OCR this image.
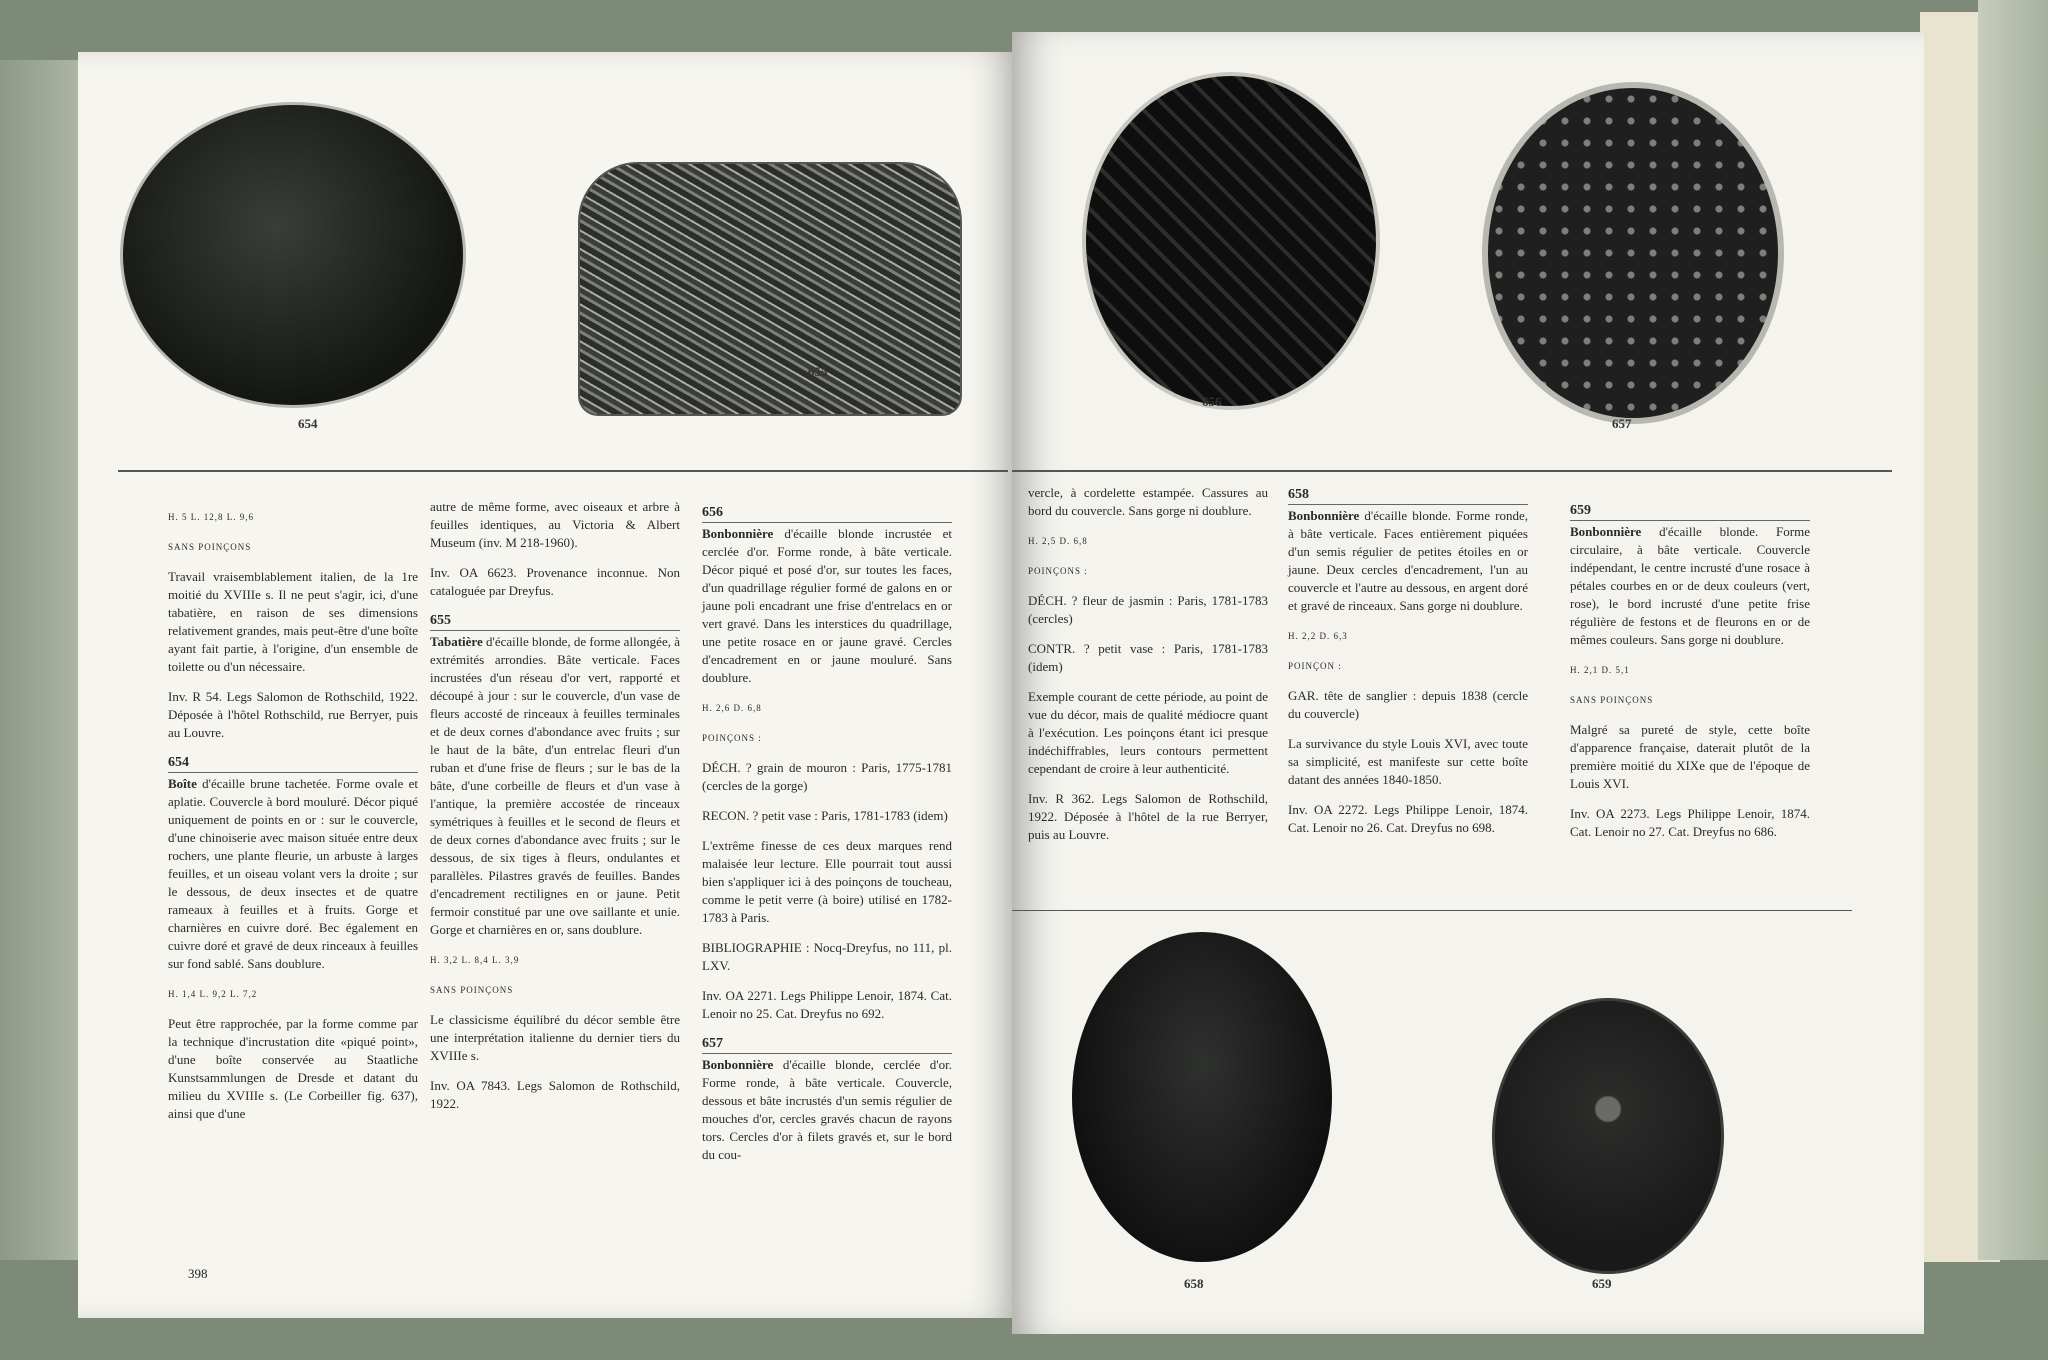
654
655

H. 5 L. 12,8 L. 9,6

SANS POINÇONS

Travail vraisemblablement italien, de la 1re moitié du XVIIIe s. Il ne peut s'agir, ici, d'une tabatière, en raison de ses dimensions relativement grandes, mais peut-être d'une boîte ayant fait partie, à l'origine, d'un ensemble de toilette ou d'un nécessaire.

Inv. R 54. Legs Salomon de Rothschild, 1922. Déposée à l'hôtel Rothschild, rue Berryer, puis au Louvre.

654

Boîte d'écaille brune tachetée. Forme ovale et aplatie. Couvercle à bord mouluré. Décor piqué uniquement de points en or : sur le couvercle, d'une chinoiserie avec maison située entre deux rochers, une plante fleurie, un arbuste à larges feuilles, et un oiseau volant vers la droite ; sur le dessous, de deux insectes et de quatre rameaux à feuilles et à fruits. Gorge et charnières en cuivre doré. Bec également en cuivre doré et gravé de deux rinceaux à feuilles sur fond sablé. Sans doublure.

H. 1,4 L. 9,2 L. 7,2

Peut être rapprochée, par la forme comme par la technique d'incrustation dite «piqué point», d'une boîte conservée au Staatliche Kunstsammlungen de Dresde et datant du milieu du XVIIIe s. (Le Corbeiller fig. 637), ainsi que d'une

autre de même forme, avec oiseaux et arbre à feuilles identiques, au Victoria & Albert Museum (inv. M 218-1960).

Inv. OA 6623. Provenance inconnue. Non cataloguée par Dreyfus.

655

Tabatière d'écaille blonde, de forme allongée, à extrémités arrondies. Bâte verticale. Faces incrustées d'un réseau d'or vert, rapporté et découpé à jour : sur le couvercle, d'un vase de fleurs accosté de rinceaux à feuilles terminales et de deux cornes d'abondance avec fruits ; sur le haut de la bâte, d'un entrelac fleuri d'un ruban et d'une frise de fleurs ; sur le bas de la bâte, d'une corbeille de fleurs et d'un vase à l'antique, la première accostée de rinceaux symétriques à feuilles et le second de fleurs et de deux cornes d'abondance avec fruits ; sur le dessous, de six tiges à fleurs, ondulantes et parallèles. Pilastres gravés de feuilles. Bandes d'encadrement rectilignes en or jaune. Petit fermoir constitué par une ove saillante et unie. Gorge et charnières en or, sans doublure.

H. 3,2 L. 8,4 L. 3,9

SANS POINÇONS

Le classicisme équilibré du décor semble être une interprétation italienne du dernier tiers du XVIIIe s.

Inv. OA 7843. Legs Salomon de Rothschild, 1922.

656

Bonbonnière d'écaille blonde incrustée et cerclée d'or. Forme ronde, à bâte verticale. Décor piqué et posé d'or, sur toutes les faces, d'un quadrillage régulier formé de galons en or jaune poli encadrant une frise d'entrelacs en or vert gravé. Dans les interstices du quadrillage, une petite rosace en or jaune gravé. Cercles d'encadrement en or jaune mouluré. Sans doublure.

H. 2,6 D. 6,8

POINÇONS :

DÉCH. ? grain de mouron : Paris, 1775-1781 (cercles de la gorge)

RECON. ? petit vase : Paris, 1781-1783 (idem)

L'extrême finesse de ces deux marques rend malaisée leur lecture. Elle pourrait tout aussi bien s'appliquer ici à des poinçons de toucheau, comme le petit verre (à boire) utilisé en 1782-1783 à Paris.

BIBLIOGRAPHIE : Nocq-Dreyfus, no 111, pl. LXV.

Inv. OA 2271. Legs Philippe Lenoir, 1874. Cat. Lenoir no 25. Cat. Dreyfus no 692.

657

Bonbonnière d'écaille blonde, cerclée d'or. Forme ronde, à bâte verticale. Couvercle, dessous et bâte incrustés d'un semis régulier de mouches d'or, cercles gravés chacun de rayons tors. Cercles d'or à filets gravés et, sur le bord du cou-

398
656
657

vercle, à cordelette estampée. Cassures au bord du couvercle. Sans gorge ni doublure.

H. 2,5 D. 6,8

POINÇONS :

DÉCH. ? fleur de jasmin : Paris, 1781-1783 (cercles)

CONTR. ? petit vase : Paris, 1781-1783 (idem)

Exemple courant de cette période, au point de vue du décor, mais de qualité médiocre quant à l'exécution. Les poinçons étant ici presque indéchiffrables, leurs contours permettent cependant de croire à leur authenticité.

Inv. R 362. Legs Salomon de Rothschild, 1922. Déposée à l'hôtel de la rue Berryer, puis au Louvre.

658

Bonbonnière d'écaille blonde. Forme ronde, à bâte verticale. Faces entièrement piquées d'un semis régulier de petites étoiles en or jaune. Deux cercles d'encadrement, l'un au couvercle et l'autre au dessous, en argent doré et gravé de rinceaux. Sans gorge ni doublure.

H. 2,2 D. 6,3

POINÇON :

GAR. tête de sanglier : depuis 1838 (cercle du couvercle)

La survivance du style Louis XVI, avec toute sa simplicité, est manifeste sur cette boîte datant des années 1840-1850.

Inv. OA 2272. Legs Philippe Lenoir, 1874. Cat. Lenoir no 26. Cat. Dreyfus no 698.

659

Bonbonnière d'écaille blonde. Forme circulaire, à bâte verticale. Couvercle indépendant, le centre incrusté d'une rosace à pétales courbes en or de deux couleurs (vert, rose), le bord incrusté d'une petite frise régulière de festons et de fleurons en or de mêmes couleurs. Sans gorge ni doublure.

H. 2,1 D. 5,1

SANS POINÇONS

Malgré sa pureté de style, cette boîte d'apparence française, daterait plutôt de la première moitié du XIXe que de l'époque de Louis XVI.

Inv. OA 2273. Legs Philippe Lenoir, 1874. Cat. Lenoir no 27. Cat. Dreyfus no 686.

658	659
